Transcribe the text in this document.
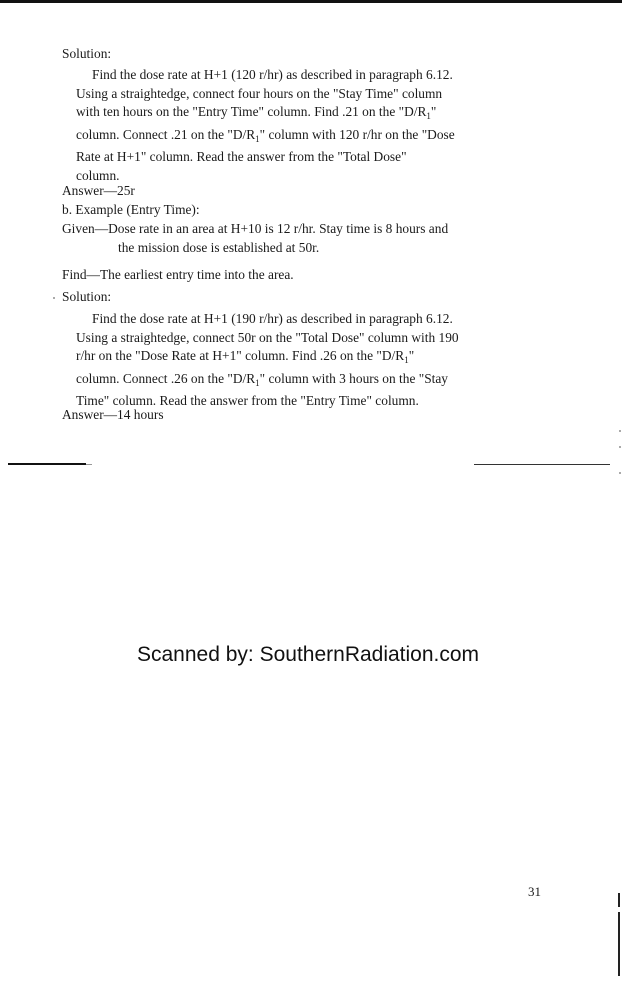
Solution:
Find the dose rate at H+1 (120 r/hr) as described in paragraph 6.12.
Using a straightedge, connect four hours on the "Stay Time" column
with ten hours on the "Entry Time" column. Find .21 on the "$D/R_1$"
column. Connect .21 on the "$D/R_1$" column with 120 r/hr on the "Dose
Rate at H+1" column. Read the answer from the "Total Dose"
column.
Answer—25r
b. Example (Entry Time):
Given—Dose rate in an area at H+10 is 12 r/hr. Stay time is 8 hours and
the mission dose is established at 50r.
Find—The earliest entry time into the area.
Solution:
Find the dose rate at H+1 (190 r/hr) as described in paragraph 6.12.
Using a straightedge, connect 50r on the "Total Dose" column with 190
r/hr on the "Dose Rate at H+1" column. Find .26 on the "$D/R_1$"
column. Connect .26 on the "$D/R_1$" column with 3 hours on the "Stay
Time" column. Read the answer from the "Entry Time" column.
Answer—14 hours
Scanned by: SouthernRadiation.com
31
